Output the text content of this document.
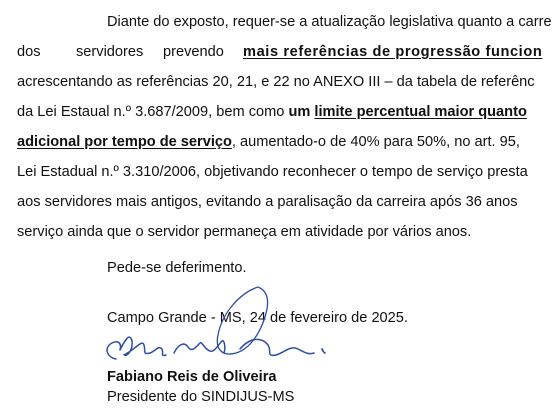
Diante do exposto, requer-se a atualização legislativa quanto a carre
dos servidores prevendo mais referências de progressão funcion
acrescentando as referências 20, 21, e 22 no ANEXO III – da tabela de referênc
da Lei Estaual n.º 3.687/2009, bem como um limite percentual maior quanto
adicional por tempo de serviço, aumentado-o de 40% para 50%, no art. 95,
Lei Estadual n.º 3.310/2006, objetivando reconhecer o tempo de serviço presta
aos servidores mais antigos, evitando a paralisação da carreira após 36 anos
serviço ainda que o servidor permaneça em atividade por vários anos.
Pede-se deferimento.
Campo Grande - MS, 24 de fevereiro de 2025.
Fabiano Reis de Oliveira
Presidente do SINDIJUS-MS
